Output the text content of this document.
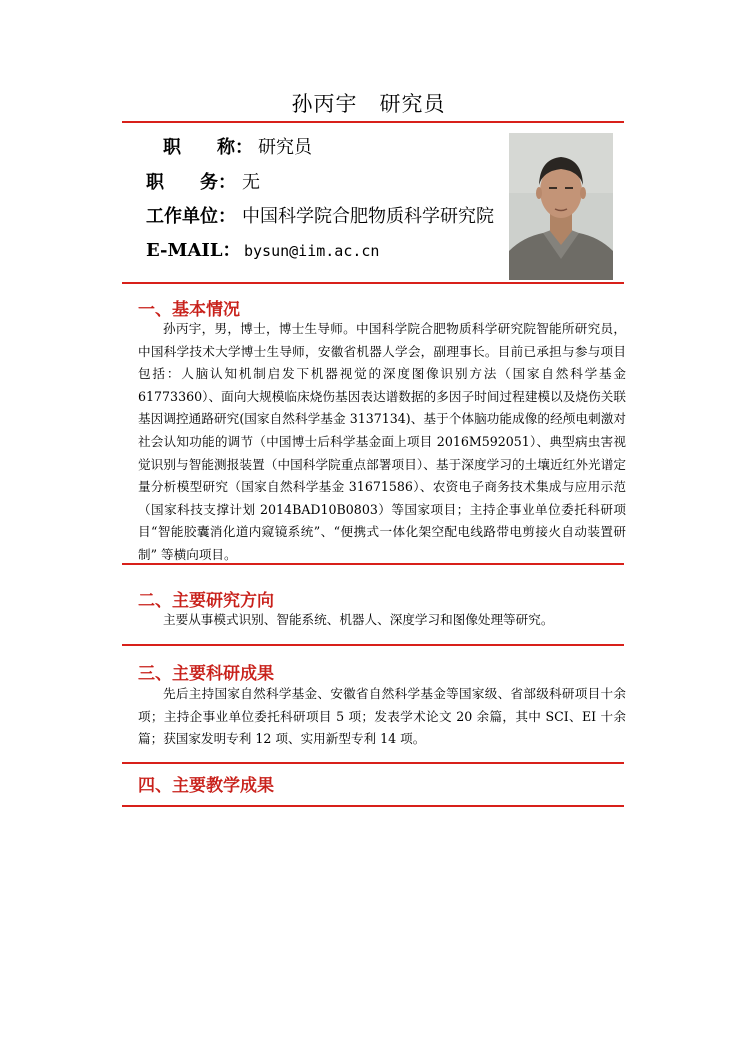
孙丙宇　研究员
职　　称： 研究员
职　　务： 无
工作单位： 中国科学院合肥物质科学研究院
E-MAIL： bysun@iim.ac.cn
一、基本情况
孙丙宇，男，博士，博士生导师。中国科学院合肥物质科学研究院智能所研究员，中国科学技术大学博士生导师，安徽省机器人学会，副理事长。目前已承担与参与项目包括：人脑认知机制启发下机器视觉的深度图像识别方法（国家自然科学基金 61773360）、面向大规模临床烧伤基因表达谱数据的多因子时间过程建模以及烧伤关联基因调控通路研究(国家自然科学基金 3137134)、基于个体脑功能成像的经颅电刺激对社会认知功能的调节（中国博士后科学基金面上项目 2016M592051）、典型病虫害视觉识别与智能测报装置（中国科学院重点部署项目）、基于深度学习的土壤近红外光谱定量分析模型研究（国家自然科学基金 31671586）、农资电子商务技术集成与应用示范（国家科技支撑计划 2014BAD10B0803）等国家项目；主持企事业单位委托科研项目“智能胶囊消化道内窥镜系统”、“便携式一体化架空配电线路带电剪接火自动装置研制” 等横向项目。
二、主要研究方向
主要从事模式识别、智能系统、机器人、深度学习和图像处理等研究。
三、主要科研成果
先后主持国家自然科学基金、安徽省自然科学基金等国家级、省部级科研项目十余项；主持企事业单位委托科研项目 5 项；发表学术论文 20 余篇，其中 SCI、EI 十余篇；获国家发明专利 12 项、实用新型专利 14 项。
四、主要教学成果
